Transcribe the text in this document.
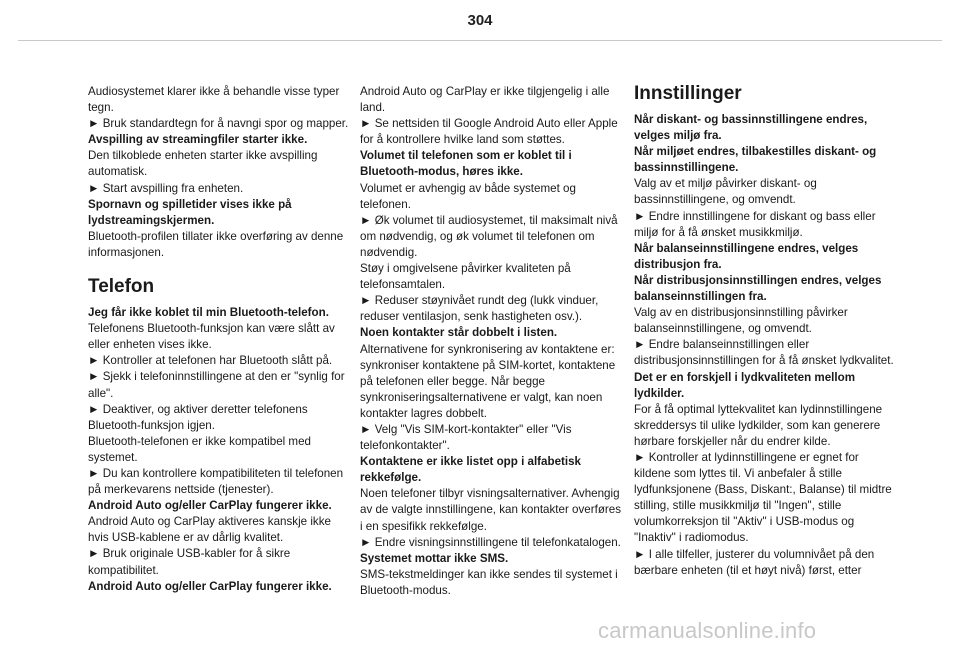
304

Audiosystemet klarer ikke å behandle visse typer tegn.

► Bruk standardtegn for å navngi spor og mapper.

Avspilling av streamingfiler starter ikke.

Den tilkoblede enheten starter ikke avspilling automatisk.

► Start avspilling fra enheten.

Spornavn og spilletider vises ikke på lydstreamingskjermen.

Bluetooth-profilen tillater ikke overføring av denne informasjonen.

Telefon

Jeg får ikke koblet til min Bluetooth-telefon.

Telefonens Bluetooth-funksjon kan være slått av eller enheten vises ikke.

► Kontroller at telefonen har Bluetooth slått på.

► Sjekk i telefoninnstillingene at den er "synlig for alle".

► Deaktiver, og aktiver deretter telefonens Bluetooth-funksjon igjen.

Bluetooth-telefonen er ikke kompatibel med systemet.

► Du kan kontrollere kompatibiliteten til telefonen på merkevarens nettside (tjenester).

Android Auto og/eller CarPlay fungerer ikke.

Android Auto og CarPlay aktiveres kanskje ikke hvis USB-kablene er av dårlig kvalitet.

► Bruk originale USB-kabler for å sikre kompatibilitet.

Android Auto og/eller CarPlay fungerer ikke.

Android Auto og CarPlay er ikke tilgjengelig i alle land.

► Se nettsiden til Google Android Auto eller Apple for å kontrollere hvilke land som støttes.

Volumet til telefonen som er koblet til i Bluetooth-modus, høres ikke.

Volumet er avhengig av både systemet og telefonen.

► Øk volumet til audiosystemet, til maksimalt nivå om nødvendig, og øk volumet til telefonen om nødvendig.

Støy i omgivelsene påvirker kvaliteten på telefonsamtalen.

► Reduser støynivået rundt deg (lukk vinduer, reduser ventilasjon, senk hastigheten osv.).

Noen kontakter står dobbelt i listen.

Alternativene for synkronisering av kontaktene er: synkroniser kontaktene på SIM-kortet, kontaktene på telefonen eller begge. Når begge synkroniseringsalternativene er valgt, kan noen kontakter lagres dobbelt.

► Velg "Vis SIM-kort-kontakter" eller "Vis telefonkontakter".

Kontaktene er ikke listet opp i alfabetisk rekkefølge.

Noen telefoner tilbyr visningsalternativer. Avhengig av de valgte innstillingene, kan kontakter overføres i en spesifikk rekkefølge.

► Endre visningsinnstillingene til telefonkatalogen.

Systemet mottar ikke SMS.

SMS-tekstmeldinger kan ikke sendes til systemet i Bluetooth-modus.

Innstillinger

Når diskant- og bassinnstillingene endres, velges miljø fra.

Når miljøet endres, tilbakestilles diskant- og bassinnstillingene.

Valg av et miljø påvirker diskant- og bassinnstillingene, og omvendt.

► Endre innstillingene for diskant og bass eller miljø for å få ønsket musikkmiljø.

Når balanseinnstillingene endres, velges distribusjon fra.

Når distribusjonsinnstillingen endres, velges balanseinnstillingen fra.

Valg av en distribusjonsinnstilling påvirker balanseinnstillingene, og omvendt.

► Endre balanseinnstillingen eller distribusjonsinnstillingen for å få ønsket lydkvalitet.

Det er en forskjell i lydkvaliteten mellom lydkilder.

For å få optimal lyttekvalitet kan lydinnstillingene skreddersys til ulike lydkilder, som kan generere hørbare forskjeller når du endrer kilde.

► Kontroller at lydinnstillingene er egnet for kildene som lyttes til. Vi anbefaler å stille lydfunksjonene (Bass, Diskant:, Balanse) til midtre stilling, stille musikkmiljø til "Ingen", stille volumkorreksjon til "Aktiv" i USB-modus og "Inaktiv" i radiomodus.

► I alle tilfeller, justerer du volumnivået på den bærbare enheten (til et høyt nivå) først, etter

carmanualsonline.info
